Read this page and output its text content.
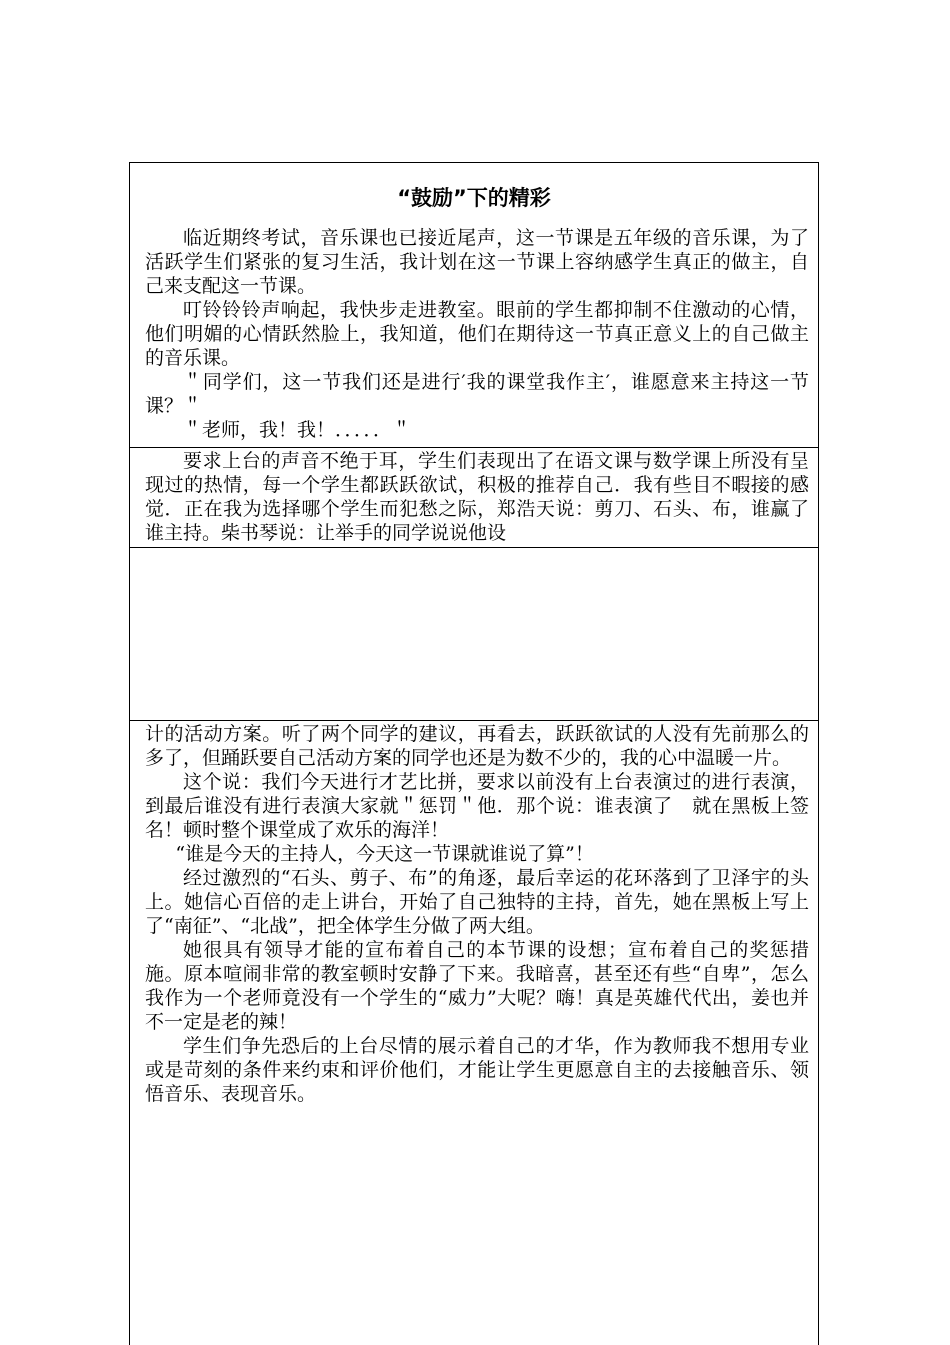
“鼓励”下的精彩

临近期终考试，音乐课也已接近尾声，这一节课是五年级的音乐课，为了活跃学生们紧张的复习生活，我计划在这一节课上容纳感学生真正的做主，自己来支配这一节课。

叮铃铃铃声响起，我快步走进教室。眼前的学生都抑制不住激动的心情，他们明媚的心情跃然脸上，我知道，他们在期待这一节真正意义上的自己做主的音乐课。

＂同学们，这一节我们还是进行′我的课堂我作主′，谁愿意来主持这一节课？＂

＂老师，我！我！．．．．．＂

要求上台的声音不绝于耳，学生们表现出了在语文课与数学课上所没有呈现过的热情，每一个学生都跃跃欲试，积极的推荐自己．我有些目不暇接的感觉．正在我为选择哪个学生而犯愁之际，郑浩天说：剪刀、石头、布，谁赢了谁主持。柴书琴说：让举手的同学说说他设

计的活动方案。听了两个同学的建议，再看去，跃跃欲试的人没有先前那么的多了，但踊跃要自己活动方案的同学也还是为数不少的，我的心中温暖一片。

这个说：我们今天进行才艺比拼，要求以前没有上台表演过的进行表演，到最后谁没有进行表演大家就＂惩罚＂他．那个说：谁表演了　就在黑板上签名！顿时整个课堂成了欢乐的海洋！

“谁是今天的主持人，今天这一节课就谁说了算”！

经过激烈的“石头、剪子、布”的角逐，最后幸运的花环落到了卫泽宇的头上。她信心百倍的走上讲台，开始了自己独特的主持，首先，她在黑板上写上了“南征”、“北战”，把全体学生分做了两大组。

她很具有领导才能的宣布着自己的本节课的设想；宣布着自己的奖惩措施。原本喧闹非常的教室顿时安静了下来。我暗喜，甚至还有些“自卑”，怎么我作为一个老师竟没有一个学生的“威力”大呢？嗨！真是英雄代代出，姜也并不一定是老的辣！

学生们争先恐后的上台尽情的展示着自己的才华，作为教师我不想用专业或是苛刻的条件来约束和评价他们，才能让学生更愿意自主的去接触音乐、领悟音乐、表现音乐。
